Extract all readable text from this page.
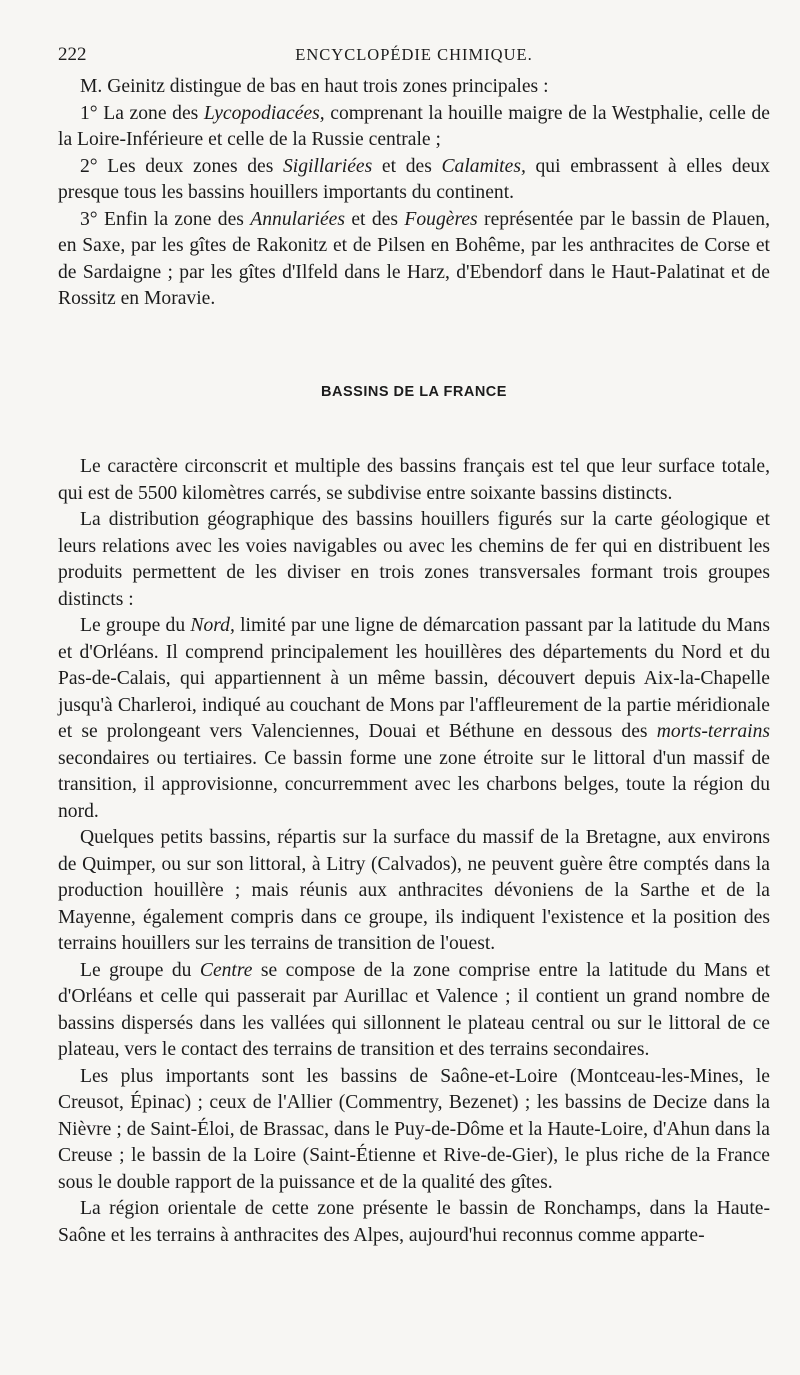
222	ENCYCLOPÉDIE CHIMIQUE.

M. Geinitz distingue de bas en haut trois zones principales :

1° La zone des Lycopodiacées, comprenant la houille maigre de la Westphalie, celle de la Loire-Inférieure et celle de la Russie centrale ;

2° Les deux zones des Sigillariées et des Calamites, qui embrassent à elles deux presque tous les bassins houillers importants du continent.

3° Enfin la zone des Annulariées et des Fougères représentée par le bassin de Plauen, en Saxe, par les gîtes de Rakonitz et de Pilsen en Bohême, par les anthracites de Corse et de Sardaigne ; par les gîtes d'Ilfeld dans le Harz, d'Ebendorf dans le Haut-Palatinat et de Rossitz en Moravie.

BASSINS DE LA FRANCE

Le caractère circonscrit et multiple des bassins français est tel que leur surface totale, qui est de 5500 kilomètres carrés, se subdivise entre soixante bassins distincts.

La distribution géographique des bassins houillers figurés sur la carte géologique et leurs relations avec les voies navigables ou avec les chemins de fer qui en distribuent les produits permettent de les diviser en trois zones transversales formant trois groupes distincts :

Le groupe du Nord, limité par une ligne de démarcation passant par la latitude du Mans et d'Orléans. Il comprend principalement les houillères des départements du Nord et du Pas-de-Calais, qui appartiennent à un même bassin, découvert depuis Aix-la-Chapelle jusqu'à Charleroi, indiqué au couchant de Mons par l'affleurement de la partie méridionale et se prolongeant vers Valenciennes, Douai et Béthune en dessous des morts-terrains secondaires ou tertiaires. Ce bassin forme une zone étroite sur le littoral d'un massif de transition, il approvisionne, concurremment avec les charbons belges, toute la région du nord.

Quelques petits bassins, répartis sur la surface du massif de la Bretagne, aux environs de Quimper, ou sur son littoral, à Litry (Calvados), ne peuvent guère être comptés dans la production houillère ; mais réunis aux anthracites dévoniens de la Sarthe et de la Mayenne, également compris dans ce groupe, ils indiquent l'existence et la position des terrains houillers sur les terrains de transition de l'ouest.

Le groupe du Centre se compose de la zone comprise entre la latitude du Mans et d'Orléans et celle qui passerait par Aurillac et Valence ; il contient un grand nombre de bassins dispersés dans les vallées qui sillonnent le plateau central ou sur le littoral de ce plateau, vers le contact des terrains de transition et des terrains secondaires.

Les plus importants sont les bassins de Saône-et-Loire (Montceau-les-Mines, le Creusot, Épinac) ; ceux de l'Allier (Commentry, Bezenet) ; les bassins de Decize dans la Nièvre ; de Saint-Éloi, de Brassac, dans le Puy-de-Dôme et la Haute-Loire, d'Ahun dans la Creuse ; le bassin de la Loire (Saint-Étienne et Rive-de-Gier), le plus riche de la France sous le double rapport de la puissance et de la qualité des gîtes.

La région orientale de cette zone présente le bassin de Ronchamps, dans la Haute-Saône et les terrains à anthracites des Alpes, aujourd'hui reconnus comme apparte-
